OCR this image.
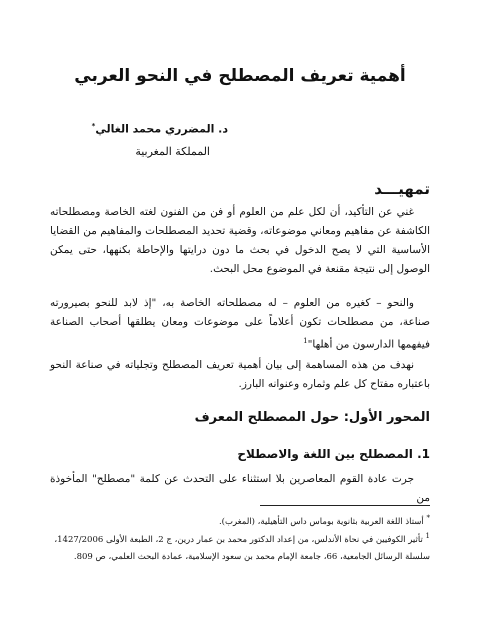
أهمية تعريف المصطلح في النحو العربي
د. المضرري محمد الغالي*
المملكة المغربية
تمهيـــد

غني عن التأكيد، أن لكل علم من العلوم أو فن من الفنون لغته الخاصة ومصطلحاته الكاشفة عن مفاهيم ومعاني موضوعاته، وقضية تحديد المصطلحات والمفاهيم من القضايا الأساسية التي لا يصح الدخول في بحث ما دون درايتها والإحاطة بكنهها، حتى يمكن الوصول إلى نتيجة مقنعة في الموضوع محل البحث.

والنحو – كغيره من العلوم – له مصطلحاته الخاصة به، "إذ لابد للنحو بصيرورته صناعة، من مصطلحات تكون أعلاماً على موضوعات ومعان يطلقها أصحاب الصناعة فيفهمها الدارسون من أهلها"$^1$

نهدف من هذه المساهمة إلى بيان أهمية تعريف المصطلح وتجلياته في صناعة النحو باعتباره مفتاح كل علم وثماره وعنوانه البارز.

المحور الأول: حول المصطلح المعرف
1. المصطلح بين اللغة والاصطلاح

جرت عادة القوم المعاصرين بلا استثناء على التحدث عن كلمة "مصطلح" المأخوذة من

* أستاذ اللغة العربية بثانوية بوماس داس التأهيلية، (المغرب).

$^1$ تأثير الكوفيين في نحاة الأندلس، من إعداد الدكتور محمد بن عمار درين، ج 2، الطبعة الأولى 1427/2006، سلسلة الرسائل الجامعية، 66، جامعة الإمام محمد بن سعود الإسلامية، عمادة البحث العلمي، ص 809.
